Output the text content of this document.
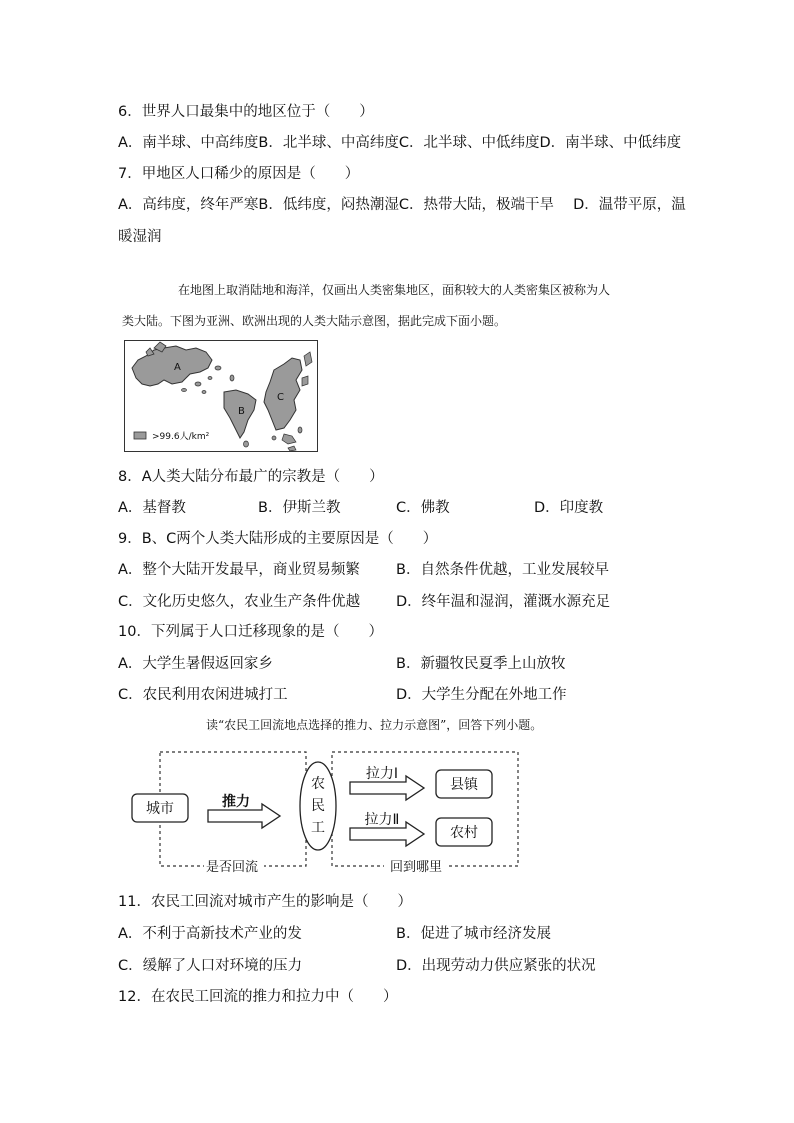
6．世界人口最集中的地区位于（　　）
A．南半球、中高纬度B．北半球、中高纬度C．北半球、中低纬度D．南半球、中低纬度
7．甲地区人口稀少的原因是（　　）
A．高纬度，终年严寒B．低纬度，闷热潮湿C．热带大陆，极端干旱　 D．温带平原，温
暖湿润
在地图上取消陆地和海洋，仅画出人类密集地区，面积较大的人类密集区被称为人
类大陆。下图为亚洲、欧洲出现的人类大陆示意图，据此完成下面小题。
A
B
C
>99.6人/km²
8．A人类大陆分布最广的宗教是（　　）
A．基督教	B．伊斯兰教	C．佛教	D．印度教
9．B、C两个人类大陆形成的主要原因是（　　）
A．整个大陆开发最早，商业贸易频繁 B．自然条件优越，工业发展较早
C．文化历史悠久，农业生产条件优越 D．终年温和湿润，灌溉水源充足
10．下列属于人口迁移现象的是（　　）
A．大学生暑假返回家乡	B．新疆牧民夏季上山放牧
C．农民利用农闲进城打工	D．大学生分配在外地工作
读“农民工回流地点选择的推力、拉力示意图”，回答下列小题。
城市	推力
农
民
工
拉力Ⅰ
县镇
拉力Ⅱ
农村
是否回流	回到哪里
11．农民工回流对城市产生的影响是（　　）
A．不利于高新技术产业的发	B．促进了城市经济发展
C．缓解了人口对环境的压力	D．出现劳动力供应紧张的状况
12．在农民工回流的推力和拉力中（　　）
